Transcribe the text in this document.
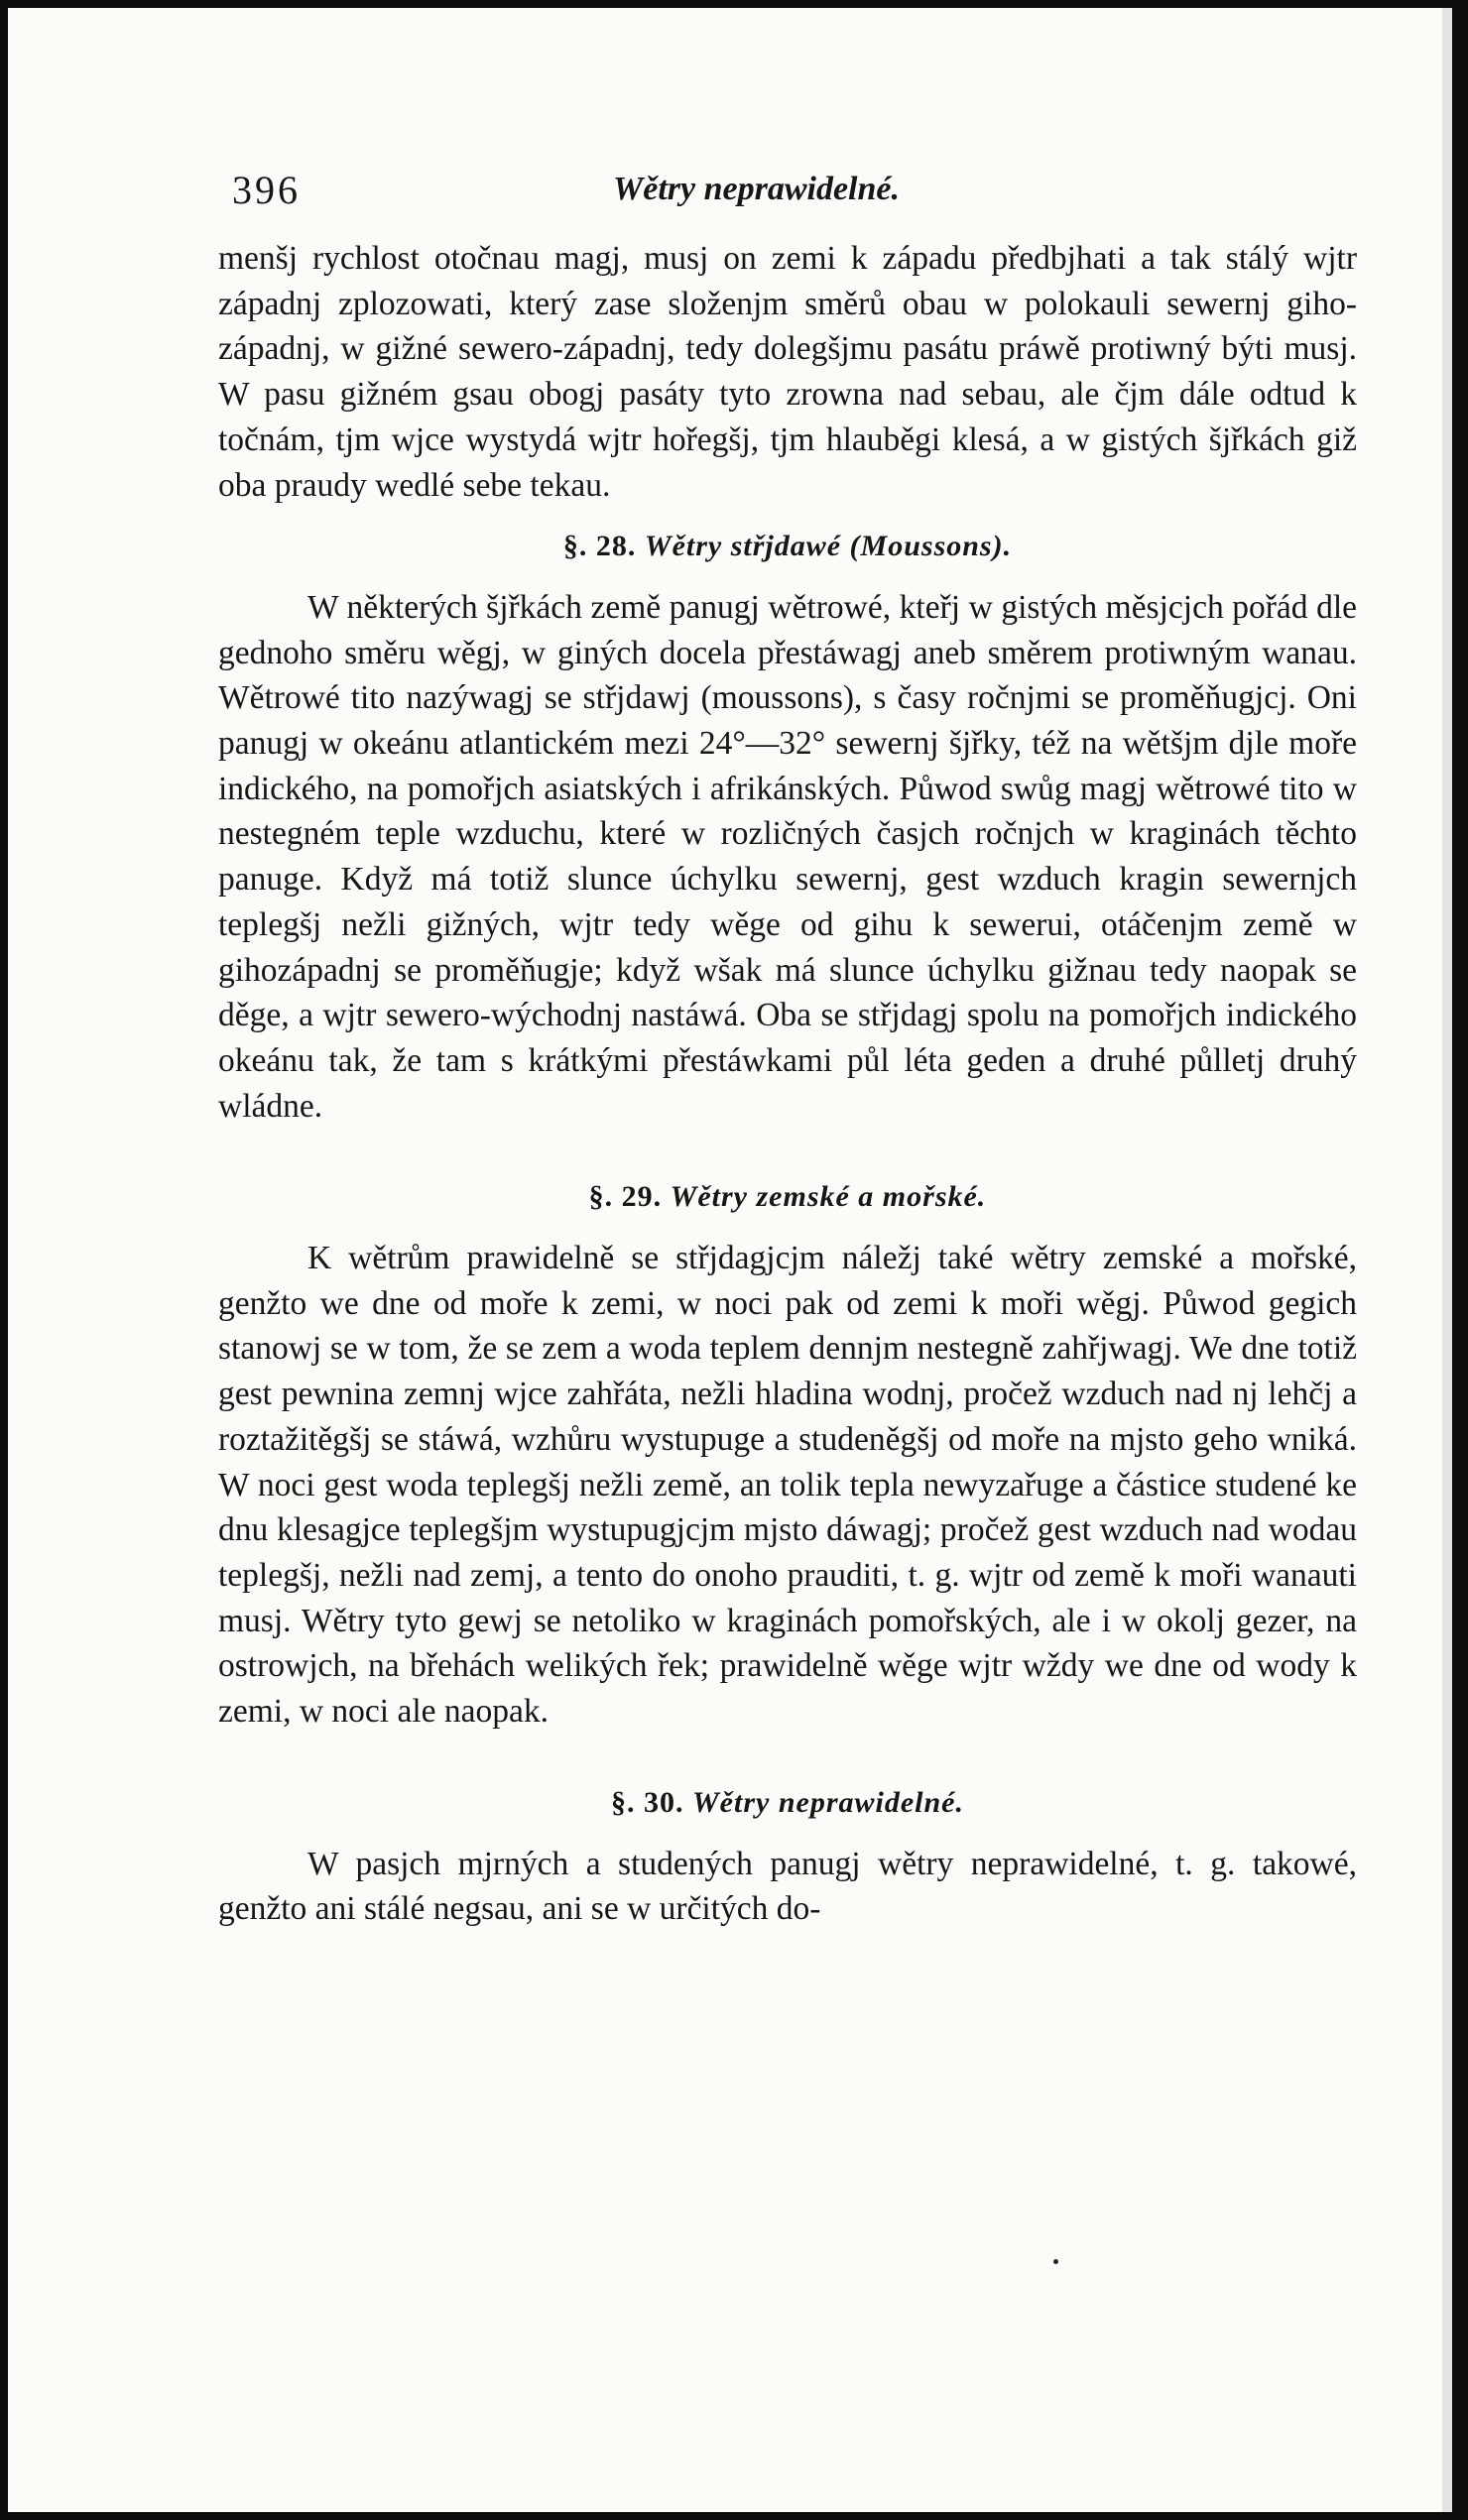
396	Wětry neprawidelné.

menšj rychlost otočnau magj, musj on zemi k západu předbjhati a tak stálý wjtr západnj zplozowati, který zase složenjm směrů obau w polokauli sewernj giho-západnj, w gižné sewero-západnj, tedy dolegšjmu pasátu práwě protiwný býti musj. W pasu gižném gsau obogj pasáty tyto zrowna nad sebau, ale čjm dále odtud k točnám, tjm wjce wystydá wjtr hořegšj, tjm hlauběgi klesá, a w gistých šjřkách giž oba praudy wedlé sebe tekau.

§. 28. Wětry střjdawé (Moussons).

W některých šjřkách země panugj wětrowé, kteřj w gistých měsjcjch pořád dle gednoho směru wěgj, w giných docela přestáwagj aneb směrem protiwným wanau. Wětrowé tito nazýwagj se střjdawj (moussons), s časy ročnjmi se proměňugjcj. Oni panugj w okeánu atlantickém mezi 24°—32° sewernj šjřky, též na wětšjm djle moře indického, na pomořjch asiatských i afrikánských. Půwod swůg magj wětrowé tito w nestegném teple wzduchu, které w rozličných časjch ročnjch w kraginách těchto panuge. Když má totiž slunce úchylku sewernj, gest wzduch kragin sewernjch teplegšj nežli gižných, wjtr tedy wěge od gihu k sewerui, otáčenjm země w gihozápadnj se proměňugje; když wšak má slunce úchylku gižnau tedy naopak se děge, a wjtr sewero-wýchodnj nastáwá. Oba se střjdagj spolu na pomořjch indického okeánu tak, že tam s krátkými přestáwkami půl léta geden a druhé půlletj druhý wládne.

§. 29. Wětry zemské a mořské.

K wětrům prawidelně se střjdagjcjm náležj také wětry zemské a mořské, genžto we dne od moře k zemi, w noci pak od zemi k moři wěgj. Půwod gegich stanowj se w tom, že se zem a woda teplem dennjm nestegně zahřjwagj. We dne totiž gest pewnina zemnj wjce zahřáta, nežli hladina wodnj, pročež wzduch nad nj lehčj a roztažitěgšj se stáwá, wzhůru wystupuge a studeněgšj od moře na mjsto geho wniká. W noci gest woda teplegšj nežli země, an tolik tepla newyzařuge a částice studené ke dnu klesagjce teplegšjm wystupugjcjm mjsto dáwagj; pročež gest wzduch nad wodau teplegšj, nežli nad zemj, a tento do onoho prauditi, t. g. wjtr od země k moři wanauti musj. Wětry tyto gewj se netoliko w kraginách pomořských, ale i w okolj gezer, na ostrowjch, na břehách welikých řek; prawidelně wěge wjtr wždy we dne od wody k zemi, w noci ale naopak.

§. 30. Wětry neprawidelné.

W pasjch mjrných a studených panugj wětry neprawidelné, t. g. takowé, genžto ani stálé negsau, ani se w určitých do-
